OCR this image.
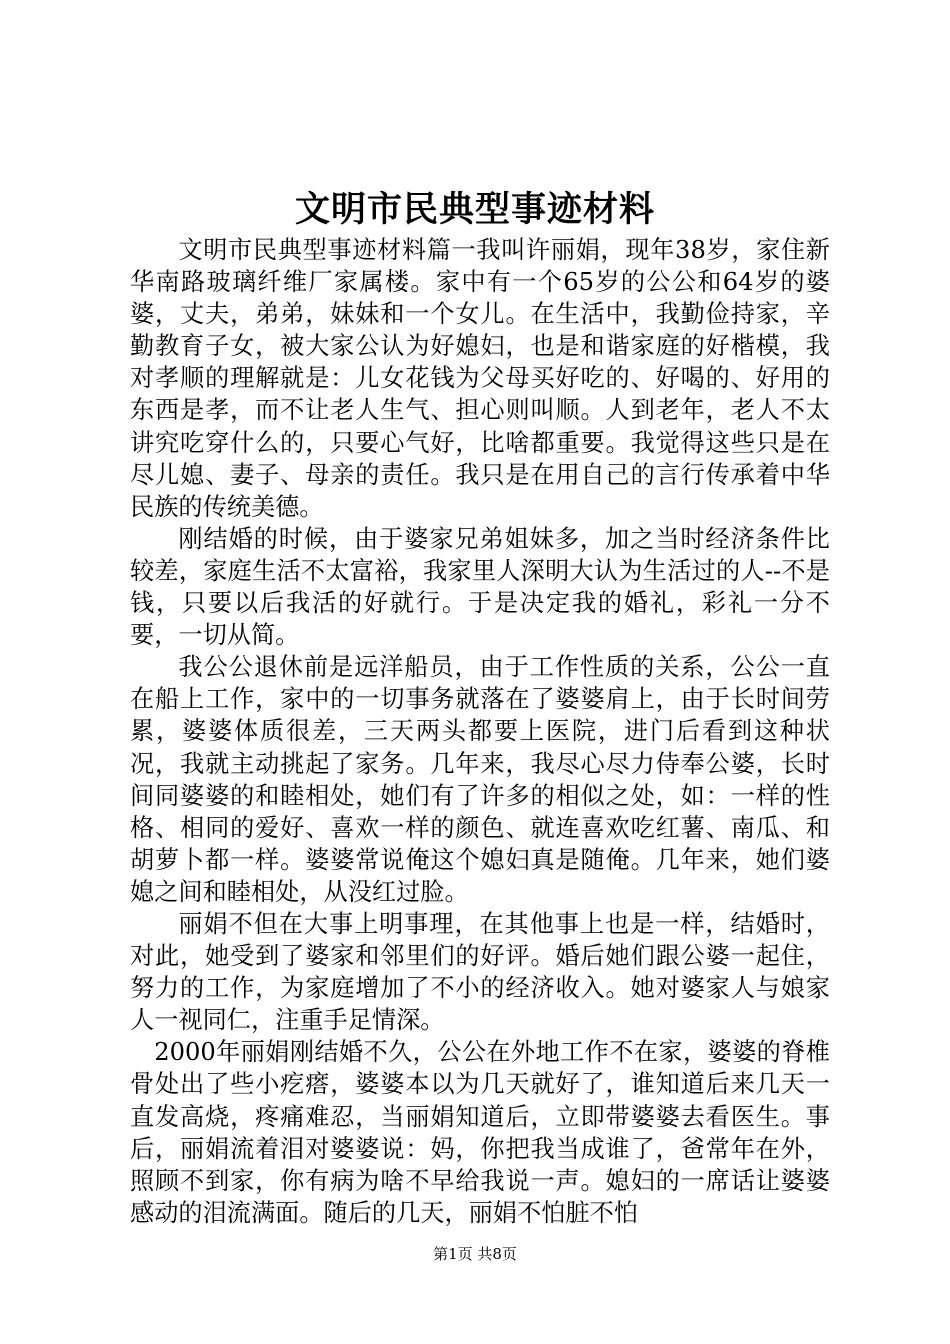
文明市民典型事迹材料

文明市民典型事迹材料篇一我叫许丽娟，现年38岁，家住新华南路玻璃纤维厂家属楼。家中有一个65岁的公公和64岁的婆婆，丈夫，弟弟，妹妹和一个女儿。在生活中，我勤俭持家，辛勤教育子女，被大家公认为好媳妇，也是和谐家庭的好楷模，我对孝顺的理解就是：儿女花钱为父母买好吃的、好喝的、好用的东西是孝，而不让老人生气、担心则叫顺。人到老年，老人不太讲究吃穿什么的，只要心气好，比啥都重要。我觉得这些只是在尽儿媳、妻子、母亲的责任。我只是在用自己的言行传承着中华民族的传统美德。

刚结婚的时候，由于婆家兄弟姐妹多，加之当时经济条件比较差，家庭生活不太富裕，我家里人深明大认为生活过的人--不是钱，只要以后我活的好就行。于是决定我的婚礼，彩礼一分不要，一切从简。

我公公退休前是远洋船员，由于工作性质的关系，公公一直在船上工作，家中的一切事务就落在了婆婆肩上，由于长时间劳累，婆婆体质很差，三天两头都要上医院，进门后看到这种状况，我就主动挑起了家务。几年来，我尽心尽力侍奉公婆，长时间同婆婆的和睦相处，她们有了许多的相似之处，如：一样的性格、相同的爱好、喜欢一样的颜色、就连喜欢吃红薯、南瓜、和胡萝卜都一样。婆婆常说俺这个媳妇真是随俺。几年来，她们婆媳之间和睦相处，从没红过脸。

丽娟不但在大事上明事理，在其他事上也是一样，结婚时，对此，她受到了婆家和邻里们的好评。婚后她们跟公婆一起住，努力的工作，为家庭增加了不小的经济收入。她对婆家人与娘家人一视同仁，注重手足情深。

2000年丽娟刚结婚不久，公公在外地工作不在家，婆婆的脊椎骨处出了些小疙瘩，婆婆本以为几天就好了，谁知道后来几天一直发高烧，疼痛难忍，当丽娟知道后，立即带婆婆去看医生。事后，丽娟流着泪对婆婆说：妈，你把我当成谁了，爸常年在外，照顾不到家，你有病为啥不早给我说一声。媳妇的一席话让婆婆感动的泪流满面。随后的几天，丽娟不怕脏不怕

第1页 共8页
